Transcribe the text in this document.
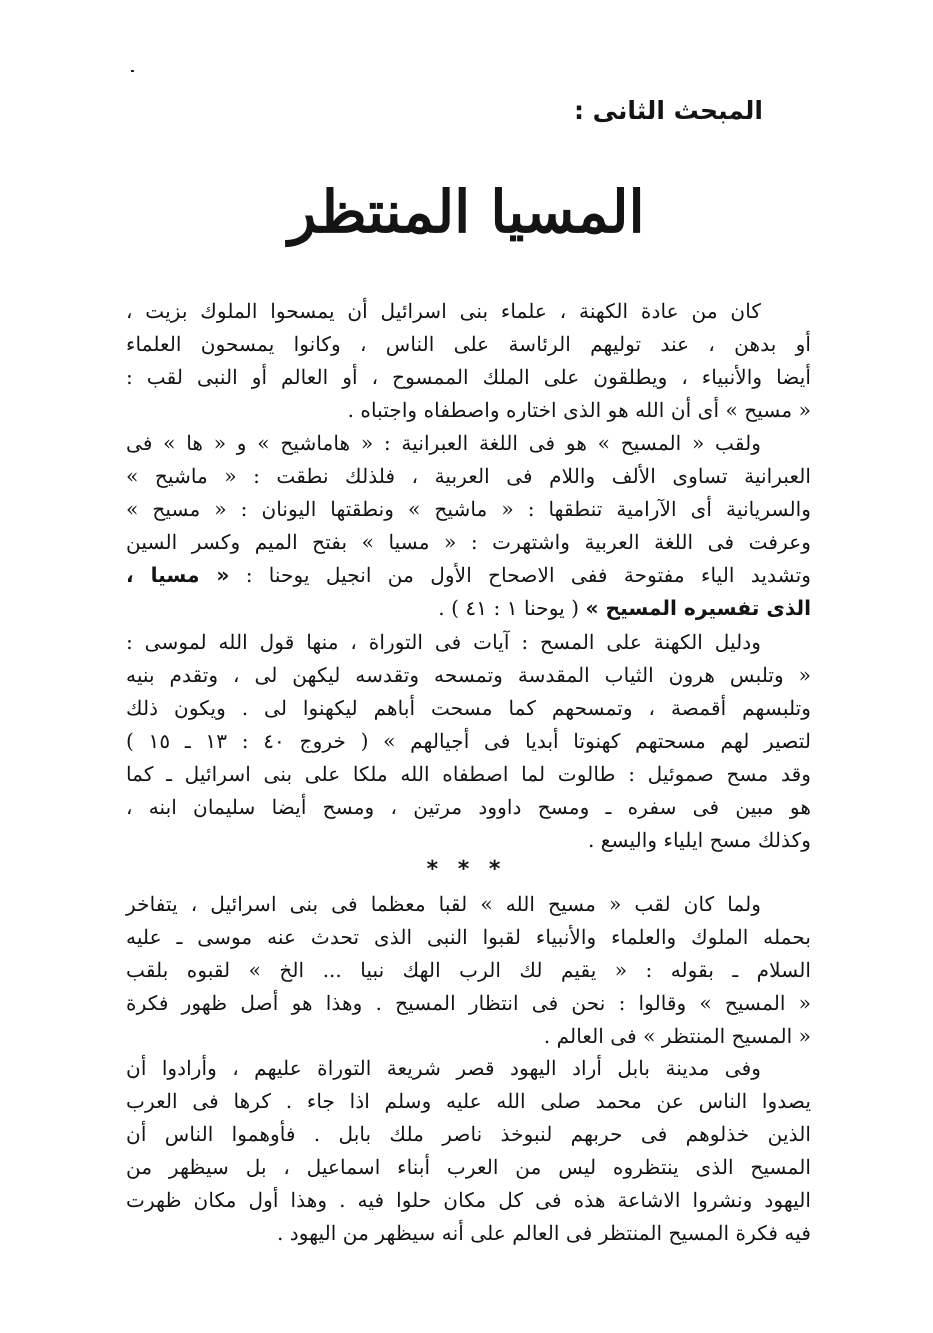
المبحث الثانى :
المسيا المنتظر
كان من عادة الكهنة ، علماء بنى اسرائيل أن يمسحوا الملوك بزيت ،
أو بدهن ، عند توليهم الرئاسة على الناس ، وكانوا يمسحون العلماء
أيضا والأنبياء ، ويطلقون على الملك الممسوح ، أو العالم أو النبى لقب :
« مسيح » أى أن الله هو الذى اختاره واصطفاه واجتباه .
ولقب « المسيح » هو فى اللغة العبرانية : « هاماشيح » و « ها » فى
العبرانية تساوى الألف واللام فى العربية ، فلذلك نطقت : « ماشيح »
والسريانية أى الآرامية تنطقها : « ماشيح » ونطقتها اليونان : « مسيح »
وعرفت فى اللغة العربية واشتهرت : « مسيا » بفتح الميم وكسر السين
وتشديد الياء مفتوحة ففى الاصحاح الأول من انجيل يوحنا : « مسيا ،
الذى تفسيره المسيح » ( يوحنا ١ : ٤١ ) .
ودليل الكهنة على المسح : آيات فى التوراة ، منها قول الله لموسى :
« وتلبس هرون الثياب المقدسة وتمسحه وتقدسه ليكهن لى ، وتقدم بنيه
وتلبسهم أقمصة ، وتمسحهم كما مسحت أباهم ليكهنوا لى . ويكون ذلك
لتصير لهم مسحتهم كهنوتا أبديا فى أجيالهم » ( خروج ٤٠ : ١٣ ـ ١٥ )
وقد مسح صموئيل : طالوت لما اصطفاه الله ملكا على بنى اسرائيل ـ كما
هو مبين فى سفره ـ ومسح داوود مرتين ، ومسح أيضا سليمان ابنه ،
وكذلك مسح ايلياء واليسع .
* * *
ولما كان لقب « مسيح الله » لقبا معظما فى بنى اسرائيل ، يتفاخر
بحمله الملوك والعلماء والأنبياء لقبوا النبى الذى تحدث عنه موسى ـ عليه
السلام ـ بقوله : « يقيم لك الرب الهك نبيا ... الخ » لقبوه بلقب
« المسيح » وقالوا : نحن فى انتظار المسيح . وهذا هو أصل ظهور فكرة
« المسيح المنتظر » فى العالم .
وفى مدينة بابل أراد اليهود قصر شريعة التوراة عليهم ، وأرادوا أن
يصدوا الناس عن محمد صلى الله عليه وسلم اذا جاء . كرها فى العرب
الذين خذلوهم فى حربهم لنبوخذ ناصر ملك بابل . فأوهموا الناس أن
المسيح الذى ينتظروه ليس من العرب أبناء اسماعيل ، بل سيظهر من
اليهود ونشروا الاشاعة هذه فى كل مكان حلوا فيه . وهذا أول مكان ظهرت
فيه فكرة المسيح المنتظر فى العالم على أنه سيظهر من اليهود .
